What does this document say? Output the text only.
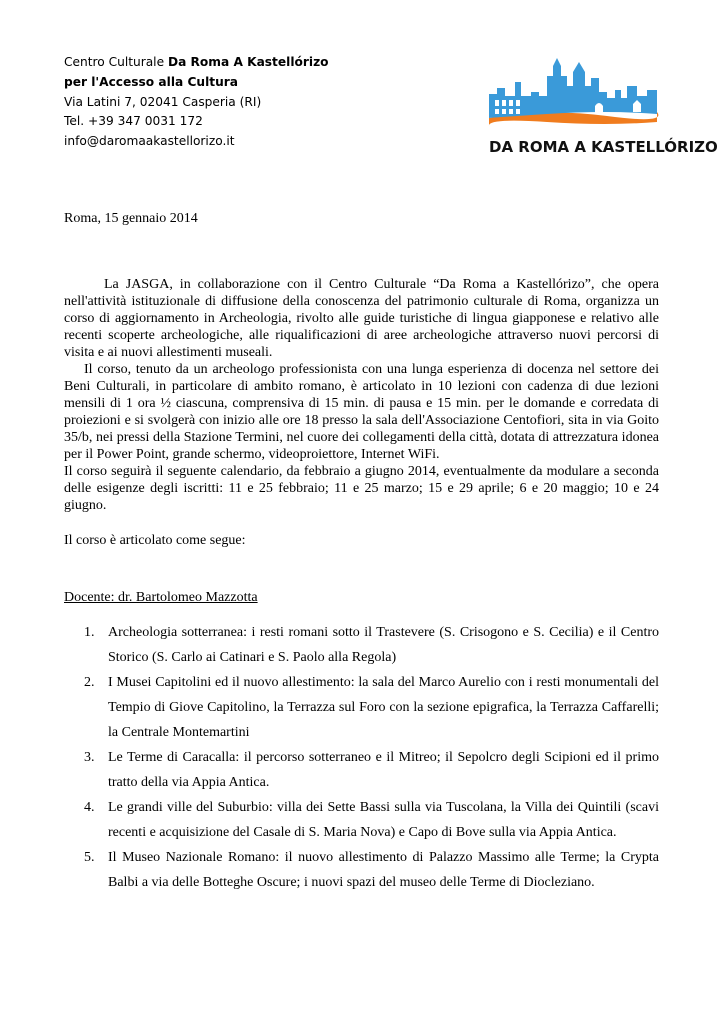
Centro Culturale Da Roma A Kastellórizo
per l'Accesso alla Cultura
Via Latini 7, 02041 Casperia (RI)
Tel. +39 347 0031 172
info@daromaakastellorizo.it	DA ROMA A KASTELLÓRIZO
Roma, 15 gennaio 2014

La JASGA, in collaborazione con il Centro Culturale “Da Roma a Kastellórizo”, che opera nell'attività istituzionale di diffusione della conoscenza del patrimonio culturale di Roma, organizza un corso di aggiornamento in Archeologia, rivolto alle guide turistiche di lingua giapponese e relativo alle recenti scoperte archeologiche, alle riqualificazioni di aree archeologiche attraverso nuovi percorsi di visita e ai nuovi allestimenti museali.

Il corso, tenuto da un archeologo professionista con una lunga esperienza di docenza nel settore dei Beni Culturali, in particolare di ambito romano, è articolato in 10 lezioni con cadenza di due lezioni mensili di 1 ora ½ ciascuna, comprensiva di 15 min. di pausa e 15 min. per le domande e corredata di proiezioni e si svolgerà con inizio alle ore 18 presso la sala dell'Associazione Centofiori, sita in via Goito 35/b, nei pressi della Stazione Termini, nel cuore dei collegamenti della città, dotata di attrezzatura idonea per il Power Point, grande schermo, videoproiettore, Internet WiFi.

Il corso seguirà il seguente calendario, da febbraio a giugno 2014, eventualmente da modulare a seconda delle esigenze degli iscritti: 11 e 25 febbraio; 11 e 25 marzo; 15 e 29 aprile; 6 e 20 maggio; 10 e 24 giugno.

Il corso è articolato come segue:
Docente: dr. Bartolomeo Mazzotta
1. Archeologia sotterranea: i resti romani sotto il Trastevere (S. Crisogono e S. Cecilia) e il Centro Storico (S. Carlo ai Catinari e S. Paolo alla Regola)
2. I Musei Capitolini ed il nuovo allestimento: la sala del Marco Aurelio con i resti monumentali del Tempio di Giove Capitolino, la Terrazza sul Foro con la sezione epigrafica, la Terrazza Caffarelli; la Centrale Montemartini
3. Le Terme di Caracalla: il percorso sotterraneo e il Mitreo; il Sepolcro degli Scipioni ed il primo tratto della via Appia Antica.
4. Le grandi ville del Suburbio: villa dei Sette Bassi sulla via Tuscolana, la Villa dei Quintili (scavi recenti e acquisizione del Casale di S. Maria Nova) e Capo di Bove sulla via Appia Antica.
5. Il Museo Nazionale Romano: il nuovo allestimento di Palazzo Massimo alle Terme; la Crypta Balbi a via delle Botteghe Oscure; i nuovi spazi del museo delle Terme di Diocleziano.
